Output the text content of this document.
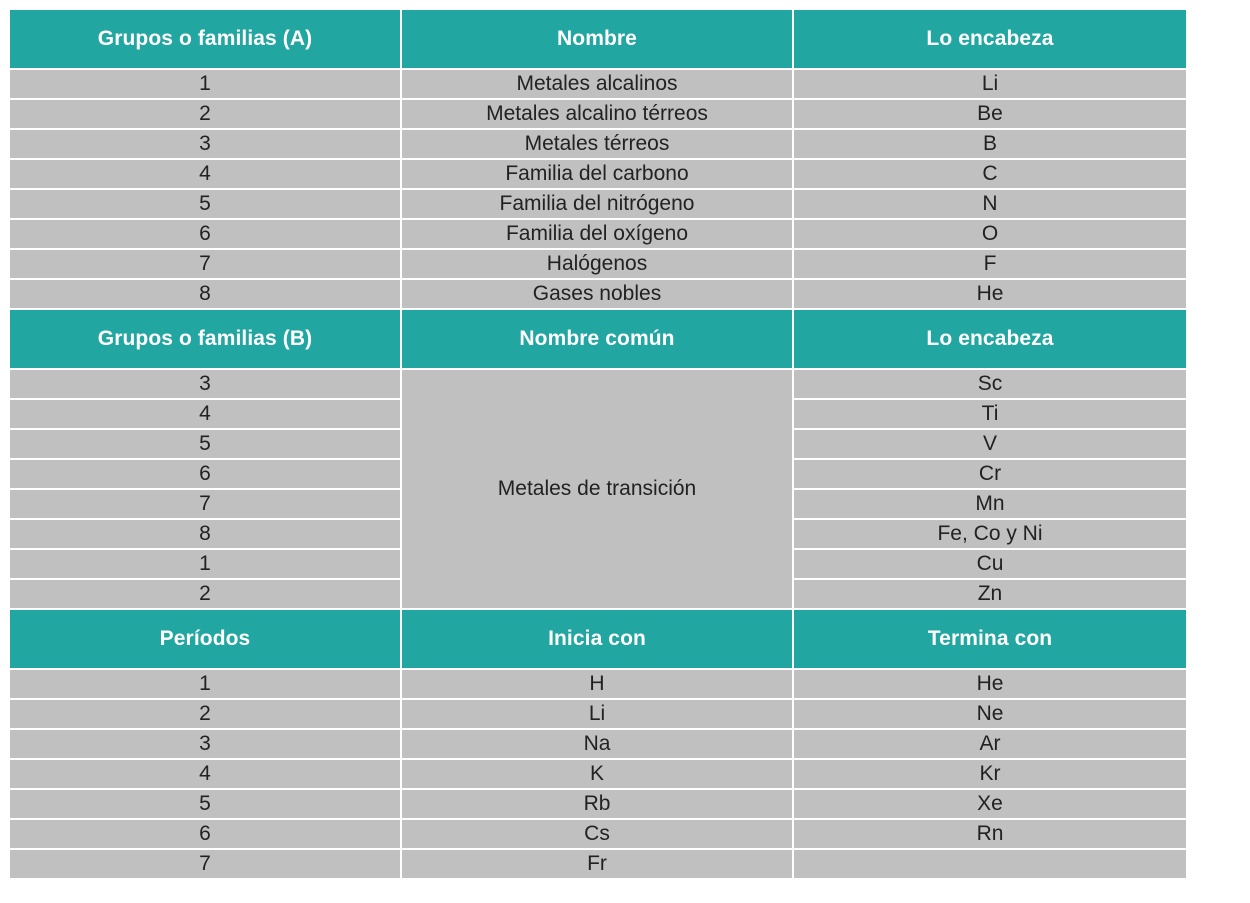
Grupos o familias (A)	Nombre	Lo encabeza
1	Metales alcalinos	Li
2	Metales alcalino térreos	Be
3	Metales térreos	B
4	Familia del carbono	C
5	Familia del nitrógeno	N
6	Familia del oxígeno	O
7	Halógenos	F
8	Gases nobles	He
Grupos o familias (B)	Nombre común	Lo encabeza
3	Metales de transición	Sc
4		Ti
5		V
6		Cr
7		Mn
8		Fe, Co y Ni
1		Cu
2		Zn
Períodos	Inicia con	Termina con
1	H	He
2	Li	Ne
3	Na	Ar
4	K	Kr
5	Rb	Xe
6	Cs	Rn
7	Fr	
